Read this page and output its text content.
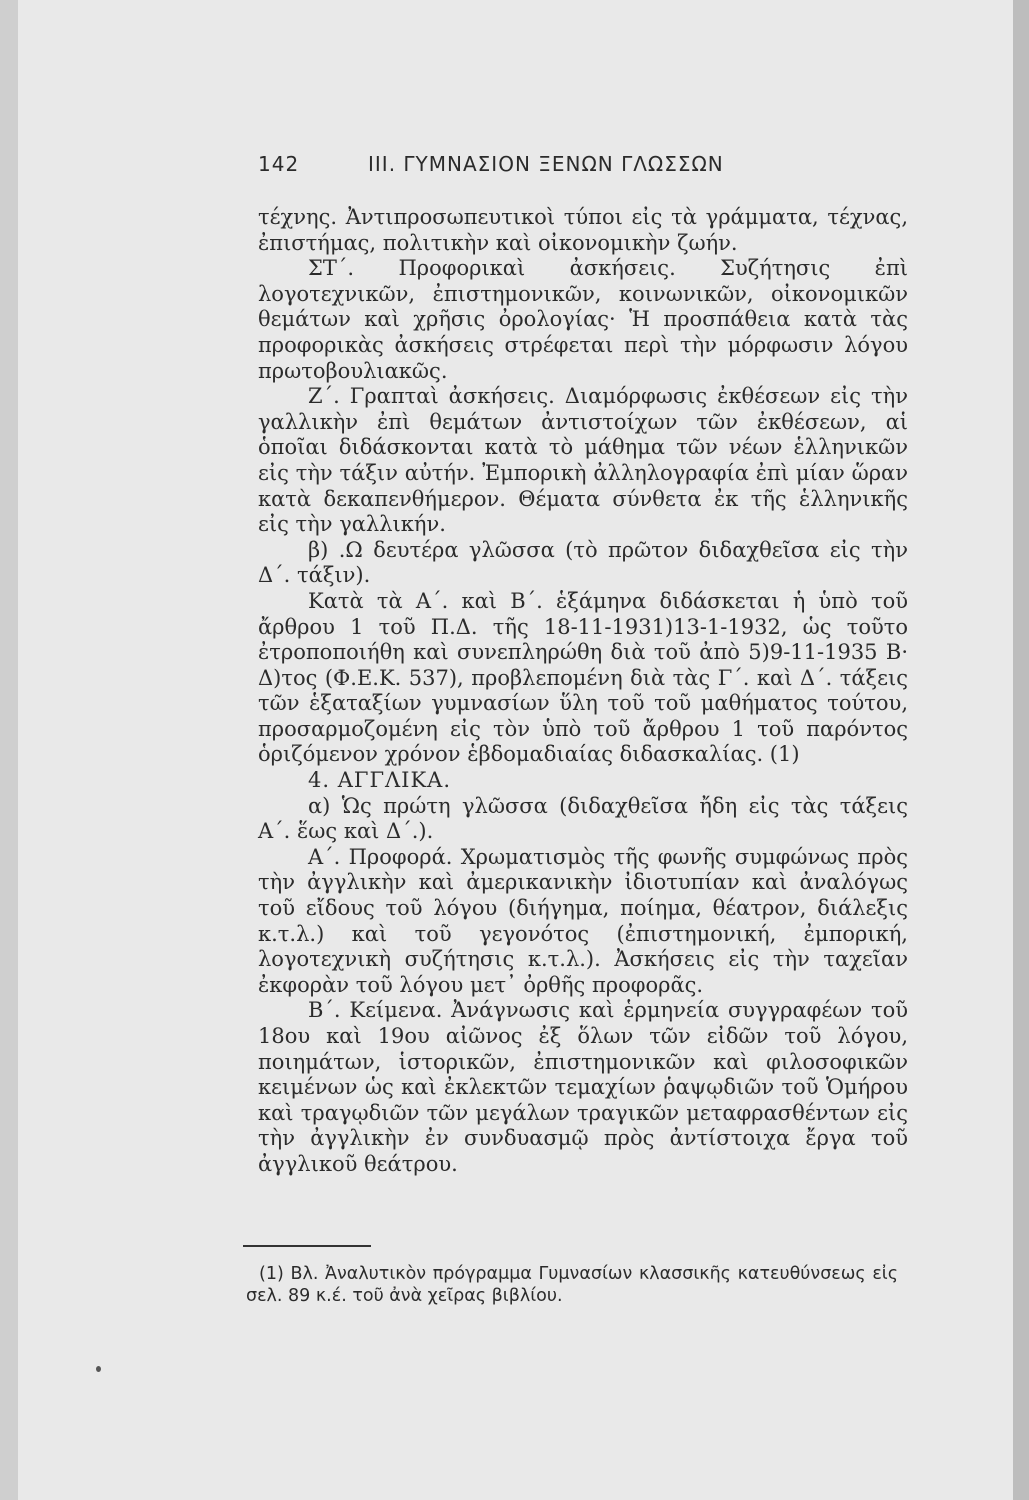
142	ΙΙΙ. ΓΥΜΝΑΣΙΟΝ ΞΕΝΩΝ ΓΛΩΣΣΩΝ

τέχνης. Ἀντιπροσωπευτικοὶ τύποι εἰς τὰ γράμματα, τέχνας, ἐπιστήμας, πολιτικὴν καὶ οἰκονομικὴν ζωήν.

ΣΤ΄. Προφορικαὶ ἀσκήσεις. Συζήτησις ἐπὶ λογοτεχνικῶν, ἐπιστημονικῶν, κοινωνικῶν, οἰκονομικῶν θεμάτων καὶ χρῆσις ὀρολογίας· Ἡ προσπάθεια κατὰ τὰς προφορικὰς ἀσκήσεις στρέφεται περὶ τὴν μόρφωσιν λόγου πρωτοβουλιακῶς.

Ζ΄. Γραπταὶ ἀσκήσεις. Διαμόρφωσις ἐκθέσεων εἰς τὴν γαλλικὴν ἐπὶ θεμάτων ἀντιστοίχων τῶν ἐκθέσεων, αἱ ὁποῖαι διδάσκονται κατὰ τὸ μάθημα τῶν νέων ἑλληνικῶν εἰς τὴν τάξιν αὐτήν. Ἐμπορικὴ ἀλληλογραφία ἐπὶ μίαν ὥραν κατὰ δεκαπενθήμερον. Θέματα σύνθετα ἐκ τῆς ἑλληνικῆς εἰς τὴν γαλλικήν.

β) .Ω δευτέρα γλῶσσα (τὸ πρῶτον διδαχθεῖσα εἰς τὴν Δ΄. τάξιν).

Κατὰ τὰ Α΄. καὶ Β΄. ἑξάμηνα διδάσκεται ἡ ὑπὸ τοῦ ἄρθρου 1 τοῦ Π.Δ. τῆς 18-11-1931)13-1-1932, ὡς τοῦτο ἐτροποποιήθη καὶ συνεπληρώθη διὰ τοῦ ἀπὸ 5)9-11-1935 Β· Δ)τος (Φ.Ε.Κ. 537), προβλεπομένη διὰ τὰς Γ΄. καὶ Δ΄. τάξεις τῶν ἑξαταξίων γυμνασίων ὕλη τοῦ τοῦ μαθήματος τούτου, προσαρμοζομένη εἰς τὸν ὑπὸ τοῦ ἄρθρου 1 τοῦ παρόντος ὁριζόμενον χρόνον ἑβδομαδιαίας διδασκαλίας. (1)

4. ΑΓΓΛΙΚΑ.

α) Ὡς πρώτη γλῶσσα (διδαχθεῖσα ἤδη εἰς τὰς τάξεις Α΄. ἕως καὶ Δ΄.).

Α΄. Προφορά. Χρωματισμὸς τῆς φωνῆς συμφώνως πρὸς τὴν ἀγγλικὴν καὶ ἀμερικανικὴν ἰδιοτυπίαν καὶ ἀναλόγως τοῦ εἴδους τοῦ λόγου (διήγημα, ποίημα, θέατρον, διάλεξις κ.τ.λ.) καὶ τοῦ γεγονότος (ἐπιστημονική, ἐμπορική, λογοτεχνικὴ συζήτησις κ.τ.λ.). Ἀσκήσεις εἰς τὴν ταχεῖαν ἐκφορὰν τοῦ λόγου μετ᾽ ὀρθῆς προφορᾶς.

Β΄. Κείμενα. Ἀνάγνωσις καὶ ἑρμηνεία συγγραφέων τοῦ 18ου καὶ 19ου αἰῶνος ἐξ ὅλων τῶν εἰδῶν τοῦ λόγου, ποιημάτων, ἱστορικῶν, ἐπιστημονικῶν καὶ φιλοσοφικῶν κειμένων ὡς καὶ ἐκλεκτῶν τεμαχίων ῥαψῳδιῶν τοῦ Ὁμήρου καὶ τραγῳδιῶν τῶν μεγάλων τραγικῶν μεταφρασθέντων εἰς τὴν ἀγγλικὴν ἐν συνδυασμῷ πρὸς ἀντίστοιχα ἔργα τοῦ ἀγγλικοῦ θεάτρου.

(1) Βλ. Ἀναλυτικὸν πρόγραμμα Γυμνασίων κλασσικῆς κατευθύνσεως εἰς σελ. 89 κ.έ. τοῦ ἀνὰ χεῖρας βιβλίου.
